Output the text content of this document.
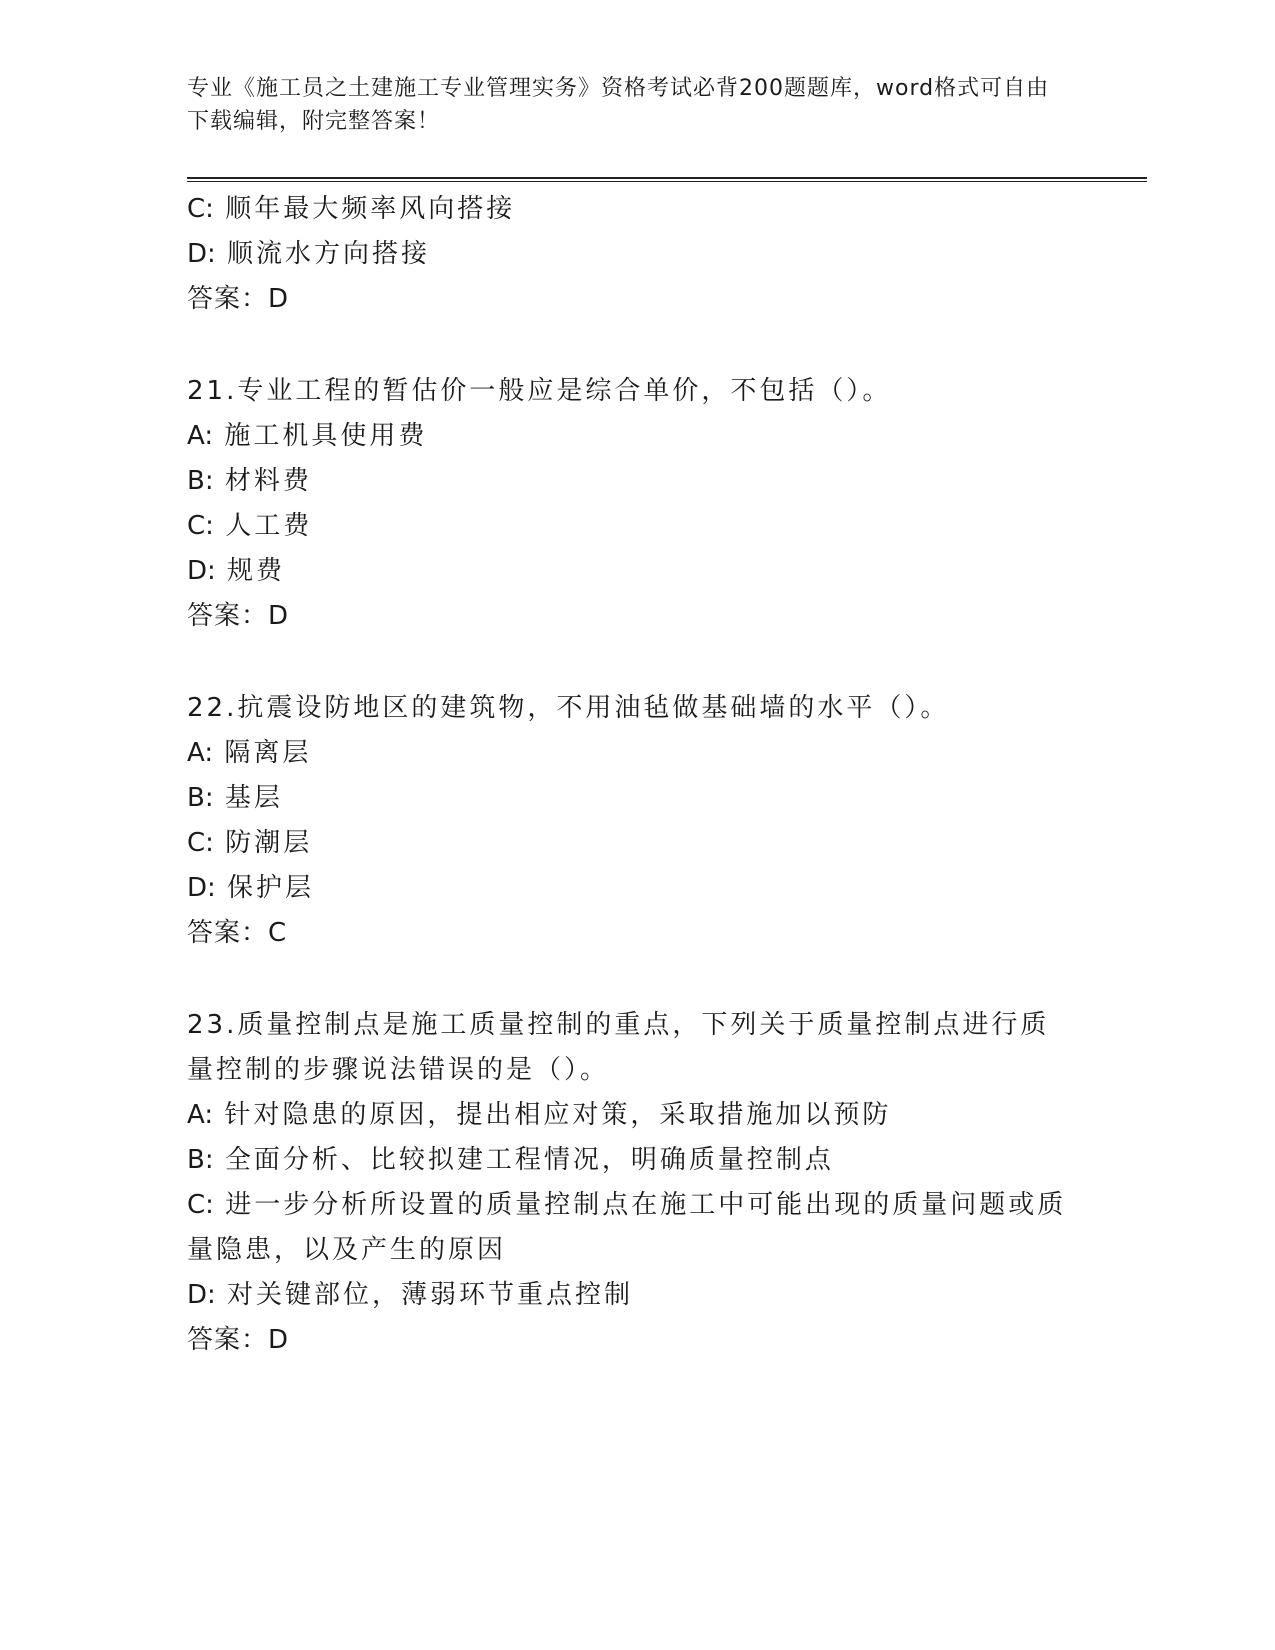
专业《施工员之土建施工专业管理实务》资格考试必背200题题库，word格式可自由下载编辑，附完整答案！
C: 顺年最大频率风向搭接
D: 顺流水方向搭接
答案：D
21.专业工程的暂估价一般应是综合单价，不包括（）。
A: 施工机具使用费
B: 材料费
C: 人工费
D: 规费
答案：D
22.抗震设防地区的建筑物，不用油毡做基础墙的水平（）。
A: 隔离层
B: 基层
C: 防潮层
D: 保护层
答案：C
23.质量控制点是施工质量控制的重点，下列关于质量控制点进行质量控制的步骤说法错误的是（）。
A: 针对隐患的原因，提出相应对策，采取措施加以预防
B: 全面分析、比较拟建工程情况，明确质量控制点
C: 进一步分析所设置的质量控制点在施工中可能出现的质量问题或质量隐患，以及产生的原因
D: 对关键部位，薄弱环节重点控制
答案：D
